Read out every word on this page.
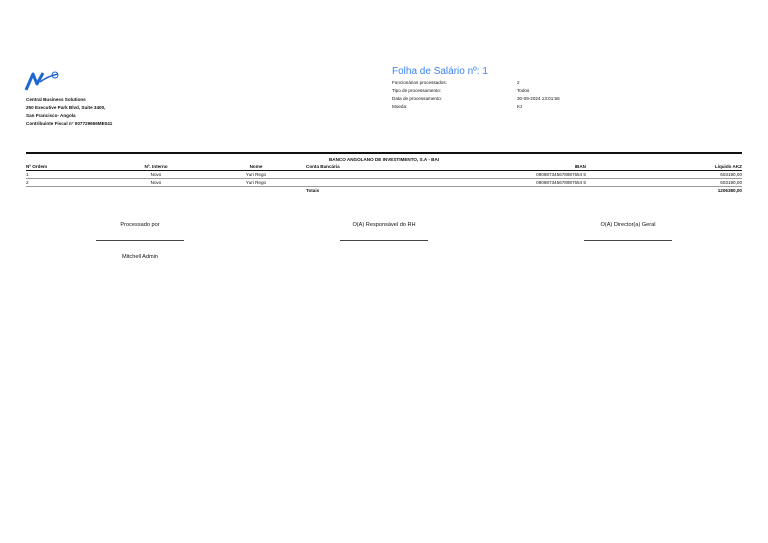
Central Business Solutions
250 Executive Park Blvd, Suite 3400,
San Francisco- Angola
Contribuinte Fiscal n° 007729656ME041
Folha de Salário nº: 1
Funcionários processados:	2
Tipo de processamento:	Todos
Data de processamento:	30-09-2024 13:01:56
Moeda:	Kz
BANCO ANGOLANO DE INVESTIMENTO, S.A - BAI
Nº Ordem	Nº. Interno	Nome	Conta Bancária	IBAN	Líquido AKZ
1	Novo	Yuri Rego		090987345678987654 5	603190,00
2	Novo	Yuri Rego		090987345678987654 5	603190,00
			Totais		1206380,00
Processado por	O(A) Responsável do RH	O(A) Director(a) Geral
Mitchell Admin
